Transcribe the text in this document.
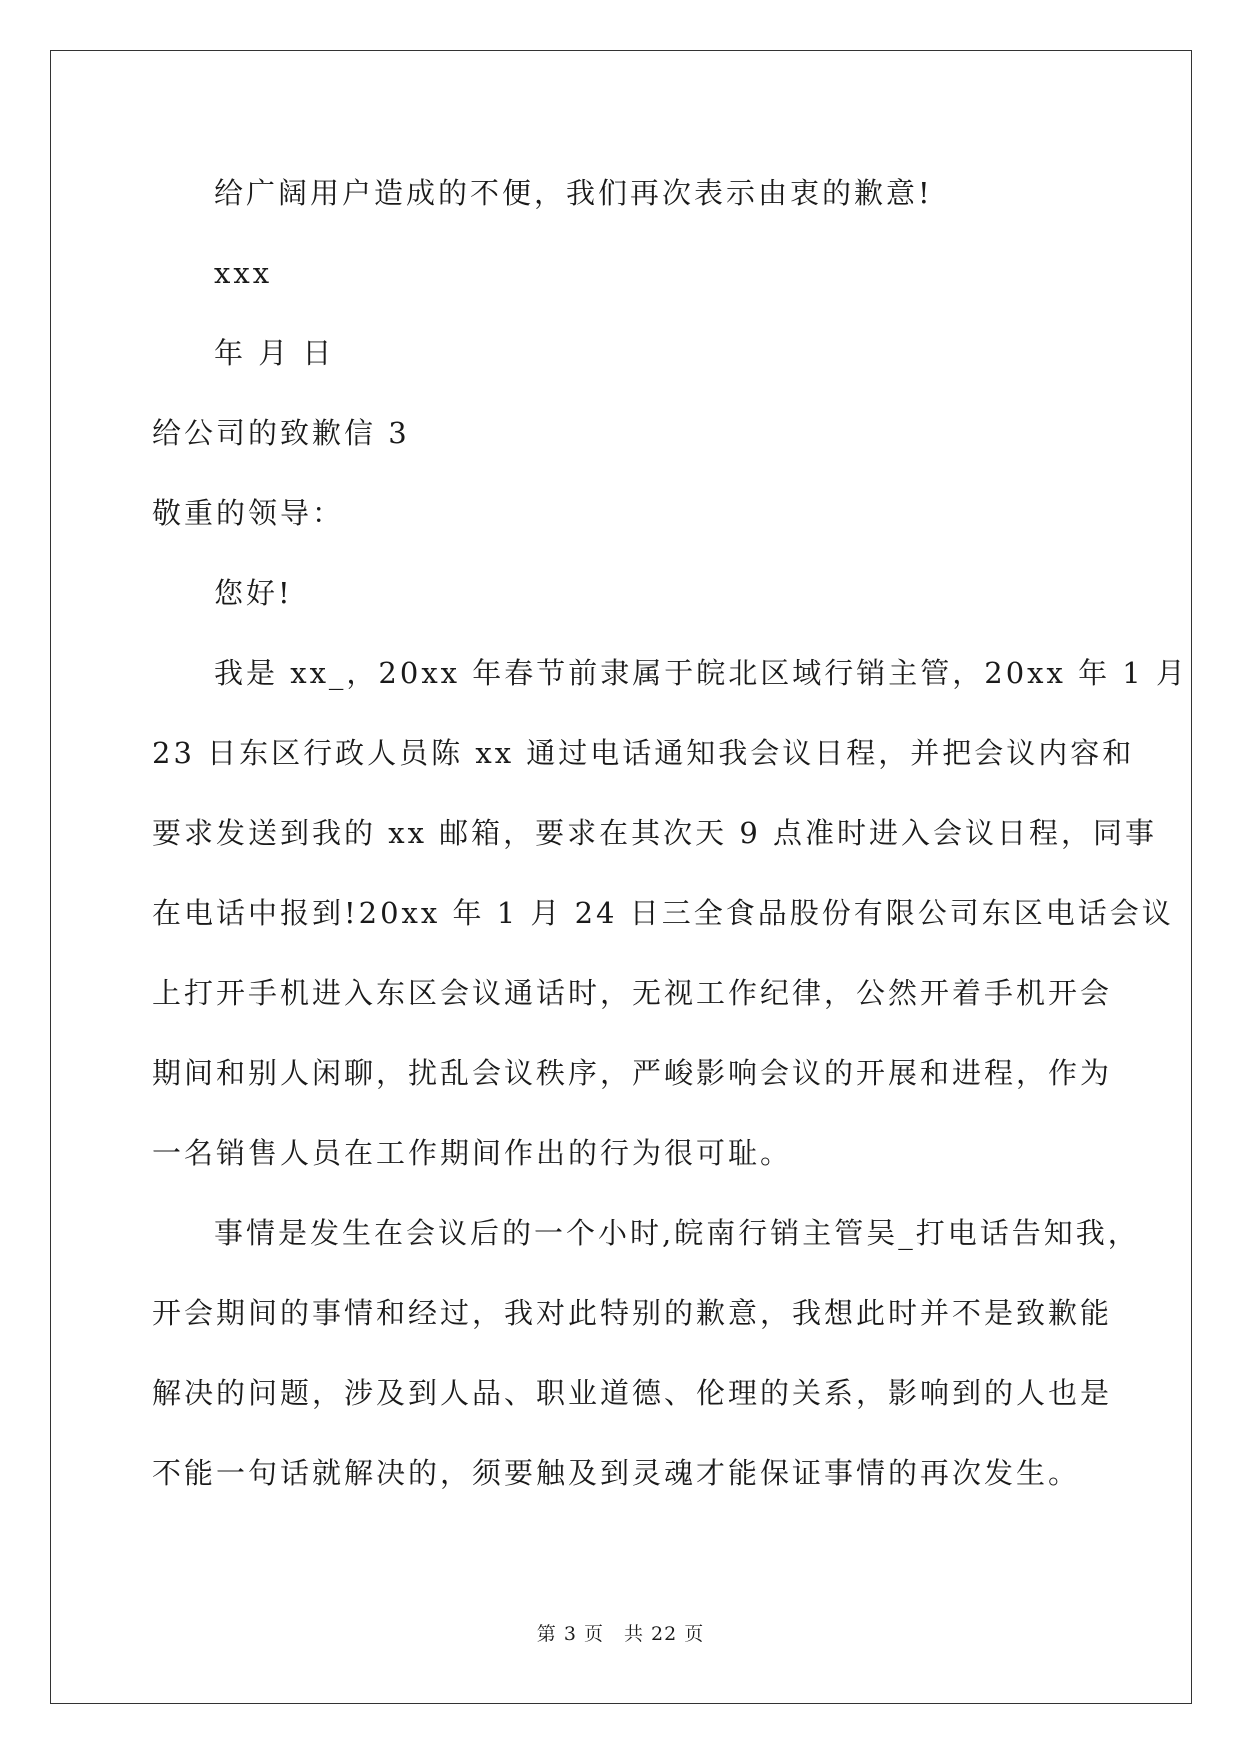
给广阔用户造成的不便，我们再次表示由衷的歉意!
xxx
年 月 日
给公司的致歉信 3
敬重的领导：
您好!
我是 xx_，20xx 年春节前隶属于皖北区域行销主管，20xx 年 1 月
23 日东区行政人员陈 xx 通过电话通知我会议日程，并把会议内容和
要求发送到我的 xx 邮箱，要求在其次天 9 点准时进入会议日程，同事
在电话中报到!20xx 年 1 月 24 日三全食品股份有限公司东区电话会议
上打开手机进入东区会议通话时，无视工作纪律，公然开着手机开会
期间和别人闲聊，扰乱会议秩序，严峻影响会议的开展和进程，作为
一名销售人员在工作期间作出的行为很可耻。
事情是发生在会议后的一个小时,皖南行销主管吴_打电话告知我，
开会期间的事情和经过，我对此特别的歉意，我想此时并不是致歉能
解决的问题，涉及到人品、职业道德、伦理的关系，影响到的人也是
不能一句话就解决的，须要触及到灵魂才能保证事情的再次发生。
第 3 页　共 22 页
